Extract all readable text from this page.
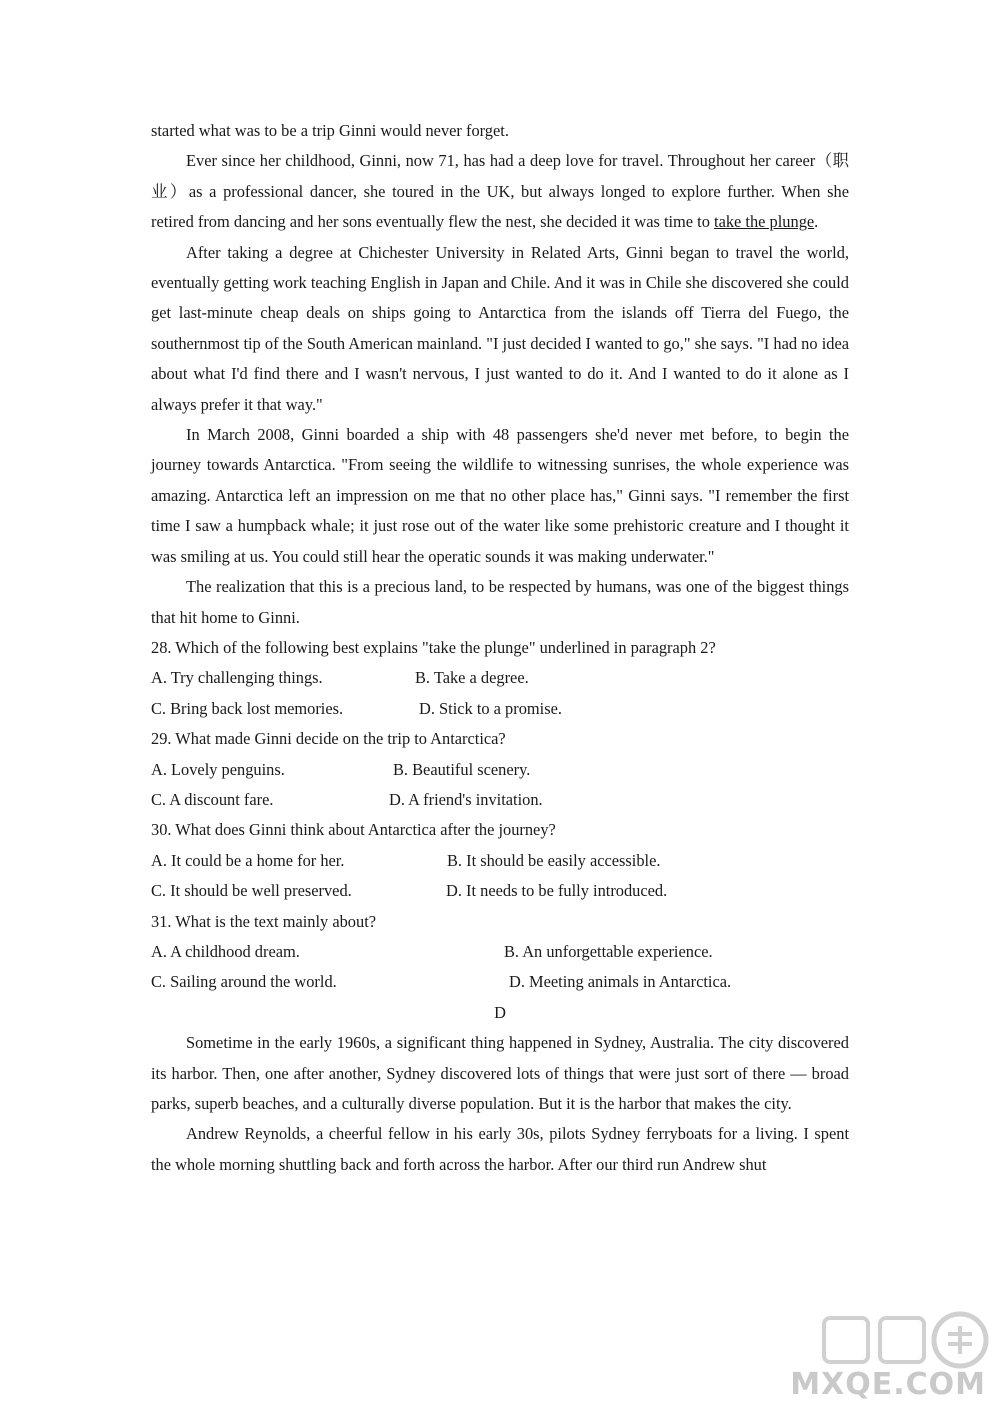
started what was to be a trip Ginni would never forget.

Ever since her childhood, Ginni, now 71, has had a deep love for travel. Throughout her career（职业）as a professional dancer, she toured in the UK, but always longed to explore further. When she retired from dancing and her sons eventually flew the nest, she decided it was time to take the plunge.

After taking a degree at Chichester University in Related Arts, Ginni began to travel the world, eventually getting work teaching English in Japan and Chile. And it was in Chile she discovered she could get last-minute cheap deals on ships going to Antarctica from the islands off Tierra del Fuego, the southernmost tip of the South American mainland. "I just decided I wanted to go," she says. "I had no idea about what I'd find there and I wasn't nervous, I just wanted to do it. And I wanted to do it alone as I always prefer it that way."

In March 2008, Ginni boarded a ship with 48 passengers she'd never met before, to begin the journey towards Antarctica. "From seeing the wildlife to witnessing sunrises, the whole experience was amazing. Antarctica left an impression on me that no other place has," Ginni says. "I remember the first time I saw a humpback whale; it just rose out of the water like some prehistoric creature and I thought it was smiling at us. You could still hear the operatic sounds it was making underwater."

The realization that this is a precious land, to be respected by humans, was one of the biggest things that hit home to Ginni.

28. Which of the following best explains "take the plunge" underlined in paragraph 2?

A. Try challenging things.	B. Take a degree.
C. Bring back lost memories.	D. Stick to a promise.

29. What made Ginni decide on the trip to Antarctica?

A. Lovely penguins.	B. Beautiful scenery.
C. A discount fare.	D. A friend's invitation.

30. What does Ginni think about Antarctica after the journey?

A. It could be a home for her.	B. It should be easily accessible.
C. It should be well preserved.	D. It needs to be fully introduced.

31. What is the text mainly about?

A. A childhood dream.	B. An unforgettable experience.
C. Sailing around the world.	D. Meeting animals in Antarctica.

D

Sometime in the early 1960s, a significant thing happened in Sydney, Australia. The city discovered its harbor. Then, one after another, Sydney discovered lots of things that were just sort of there — broad parks, superb beaches, and a culturally diverse population. But it is the harbor that makes the city.

Andrew Reynolds, a cheerful fellow in his early 30s, pilots Sydney ferryboats for a living. I spent the whole morning shuttling back and forth across the harbor. After our third run Andrew shut

MXQE.COM
